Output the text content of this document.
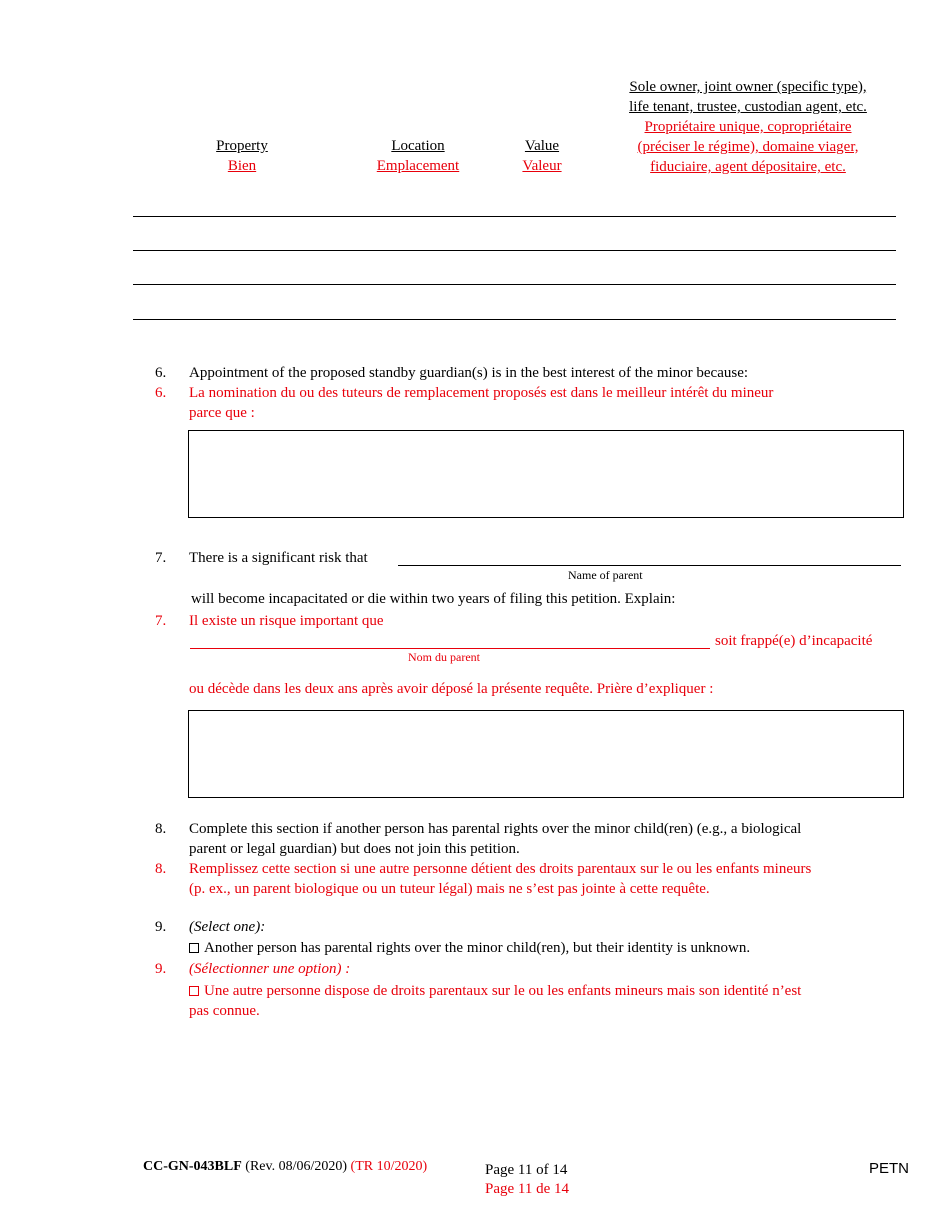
Property
Bien
Location
Emplacement
Value
Valeur
Sole owner, joint owner (specific type),
life tenant, trustee, custodian agent, etc.
Propriétaire unique, copropriétaire
(préciser le régime), domaine viager,
fiduciaire, agent dépositaire, etc.
6. Appointment of the proposed standby guardian(s) is in the best interest of the minor because:
6. La nomination du ou des tuteurs de remplacement proposés est dans le meilleur intérêt du mineur
parce que :
7. There is a significant risk that
Name of parent
will become incapacitated or die within two years of filing this petition. Explain:
7. Il existe un risque important que
soit frappé(e) d’incapacité
Nom du parent
ou décède dans les deux ans après avoir déposé la présente requête. Prière d’expliquer :
8. Complete this section if another person has parental rights over the minor child(ren) (e.g., a biological
parent or legal guardian) but does not join this petition.
8. Remplissez cette section si une autre personne détient des droits parentaux sur le ou les enfants mineurs
(p. ex., un parent biologique ou un tuteur légal) mais ne s’est pas jointe à cette requête.
9. (Select one):
Another person has parental rights over the minor child(ren), but their identity is unknown.
9. (Sélectionner une option) :
Une autre personne dispose de droits parentaux sur le ou les enfants mineurs mais son identité n’est
pas connue.
CC-GN-043BLF (Rev. 08/06/2020) (TR 10/2020)	Page 11 of 14
Page 11 de 14
PETN
